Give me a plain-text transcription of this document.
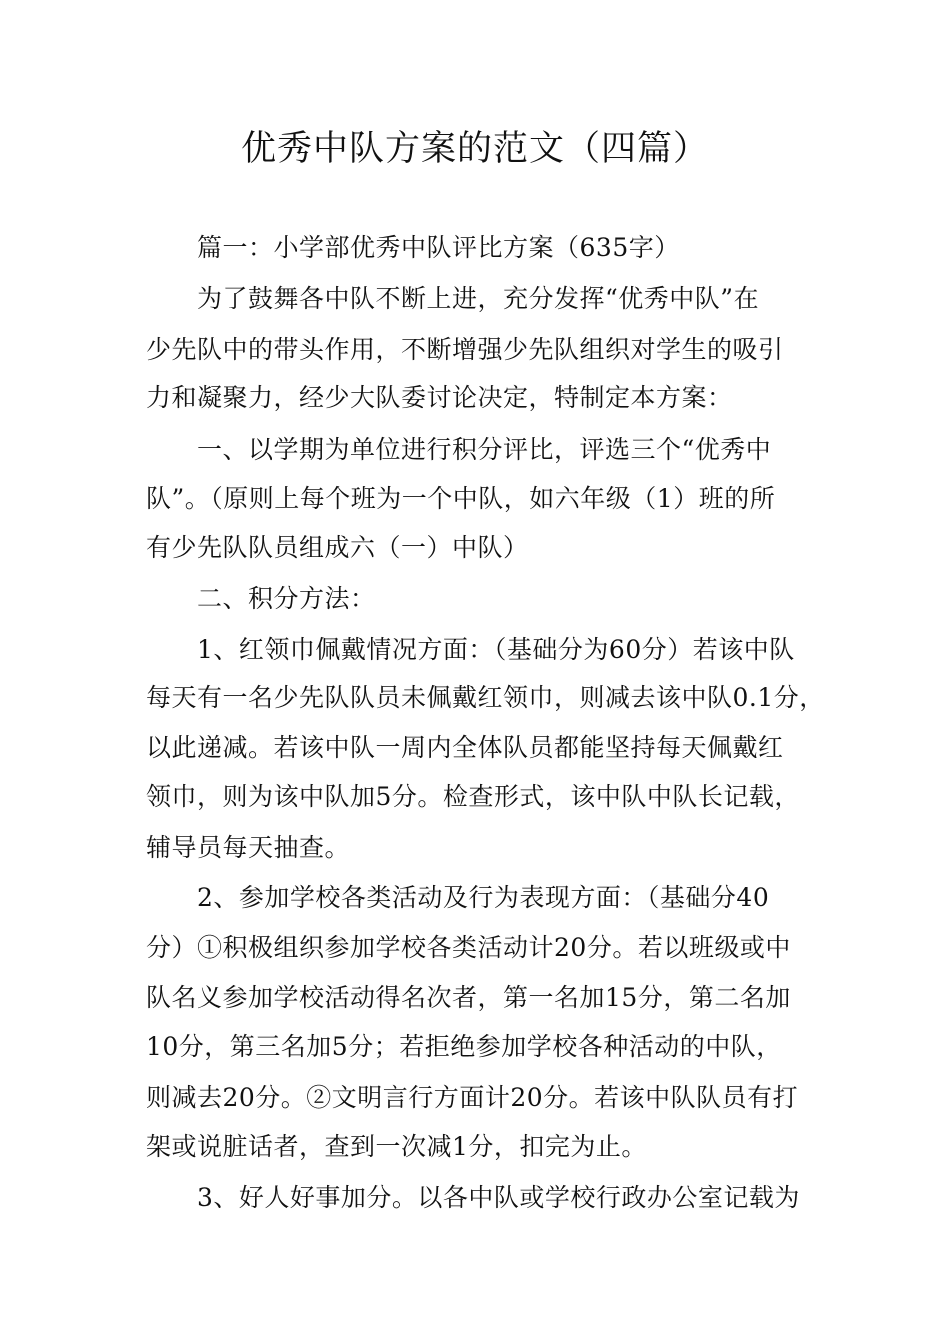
优秀中队方案的范文（四篇）
篇一：小学部优秀中队评比方案（635字）
为了鼓舞各中队不断上进，充分发挥“优秀中队”在
少先队中的带头作用，不断增强少先队组织对学生的吸引
力和凝聚力，经少大队委讨论决定，特制定本方案：
一、以学期为单位进行积分评比，评选三个“优秀中
队”。（原则上每个班为一个中队，如六年级（1）班的所
有少先队队员组成六（一）中队）
二、积分方法：
1、红领巾佩戴情况方面：（基础分为60分）若该中队
每天有一名少先队队员未佩戴红领巾，则减去该中队0.1分，
以此递减。若该中队一周内全体队员都能坚持每天佩戴红
领巾，则为该中队加5分。检查形式，该中队中队长记载，
辅导员每天抽查。
2、参加学校各类活动及行为表现方面：（基础分40
分）①积极组织参加学校各类活动计20分。若以班级或中
队名义参加学校活动得名次者，第一名加15分，第二名加
10分，第三名加5分；若拒绝参加学校各种活动的中队，
则减去20分。②文明言行方面计20分。若该中队队员有打
架或说脏话者，查到一次减1分，扣完为止。
3、好人好事加分。以各中队或学校行政办公室记载为
